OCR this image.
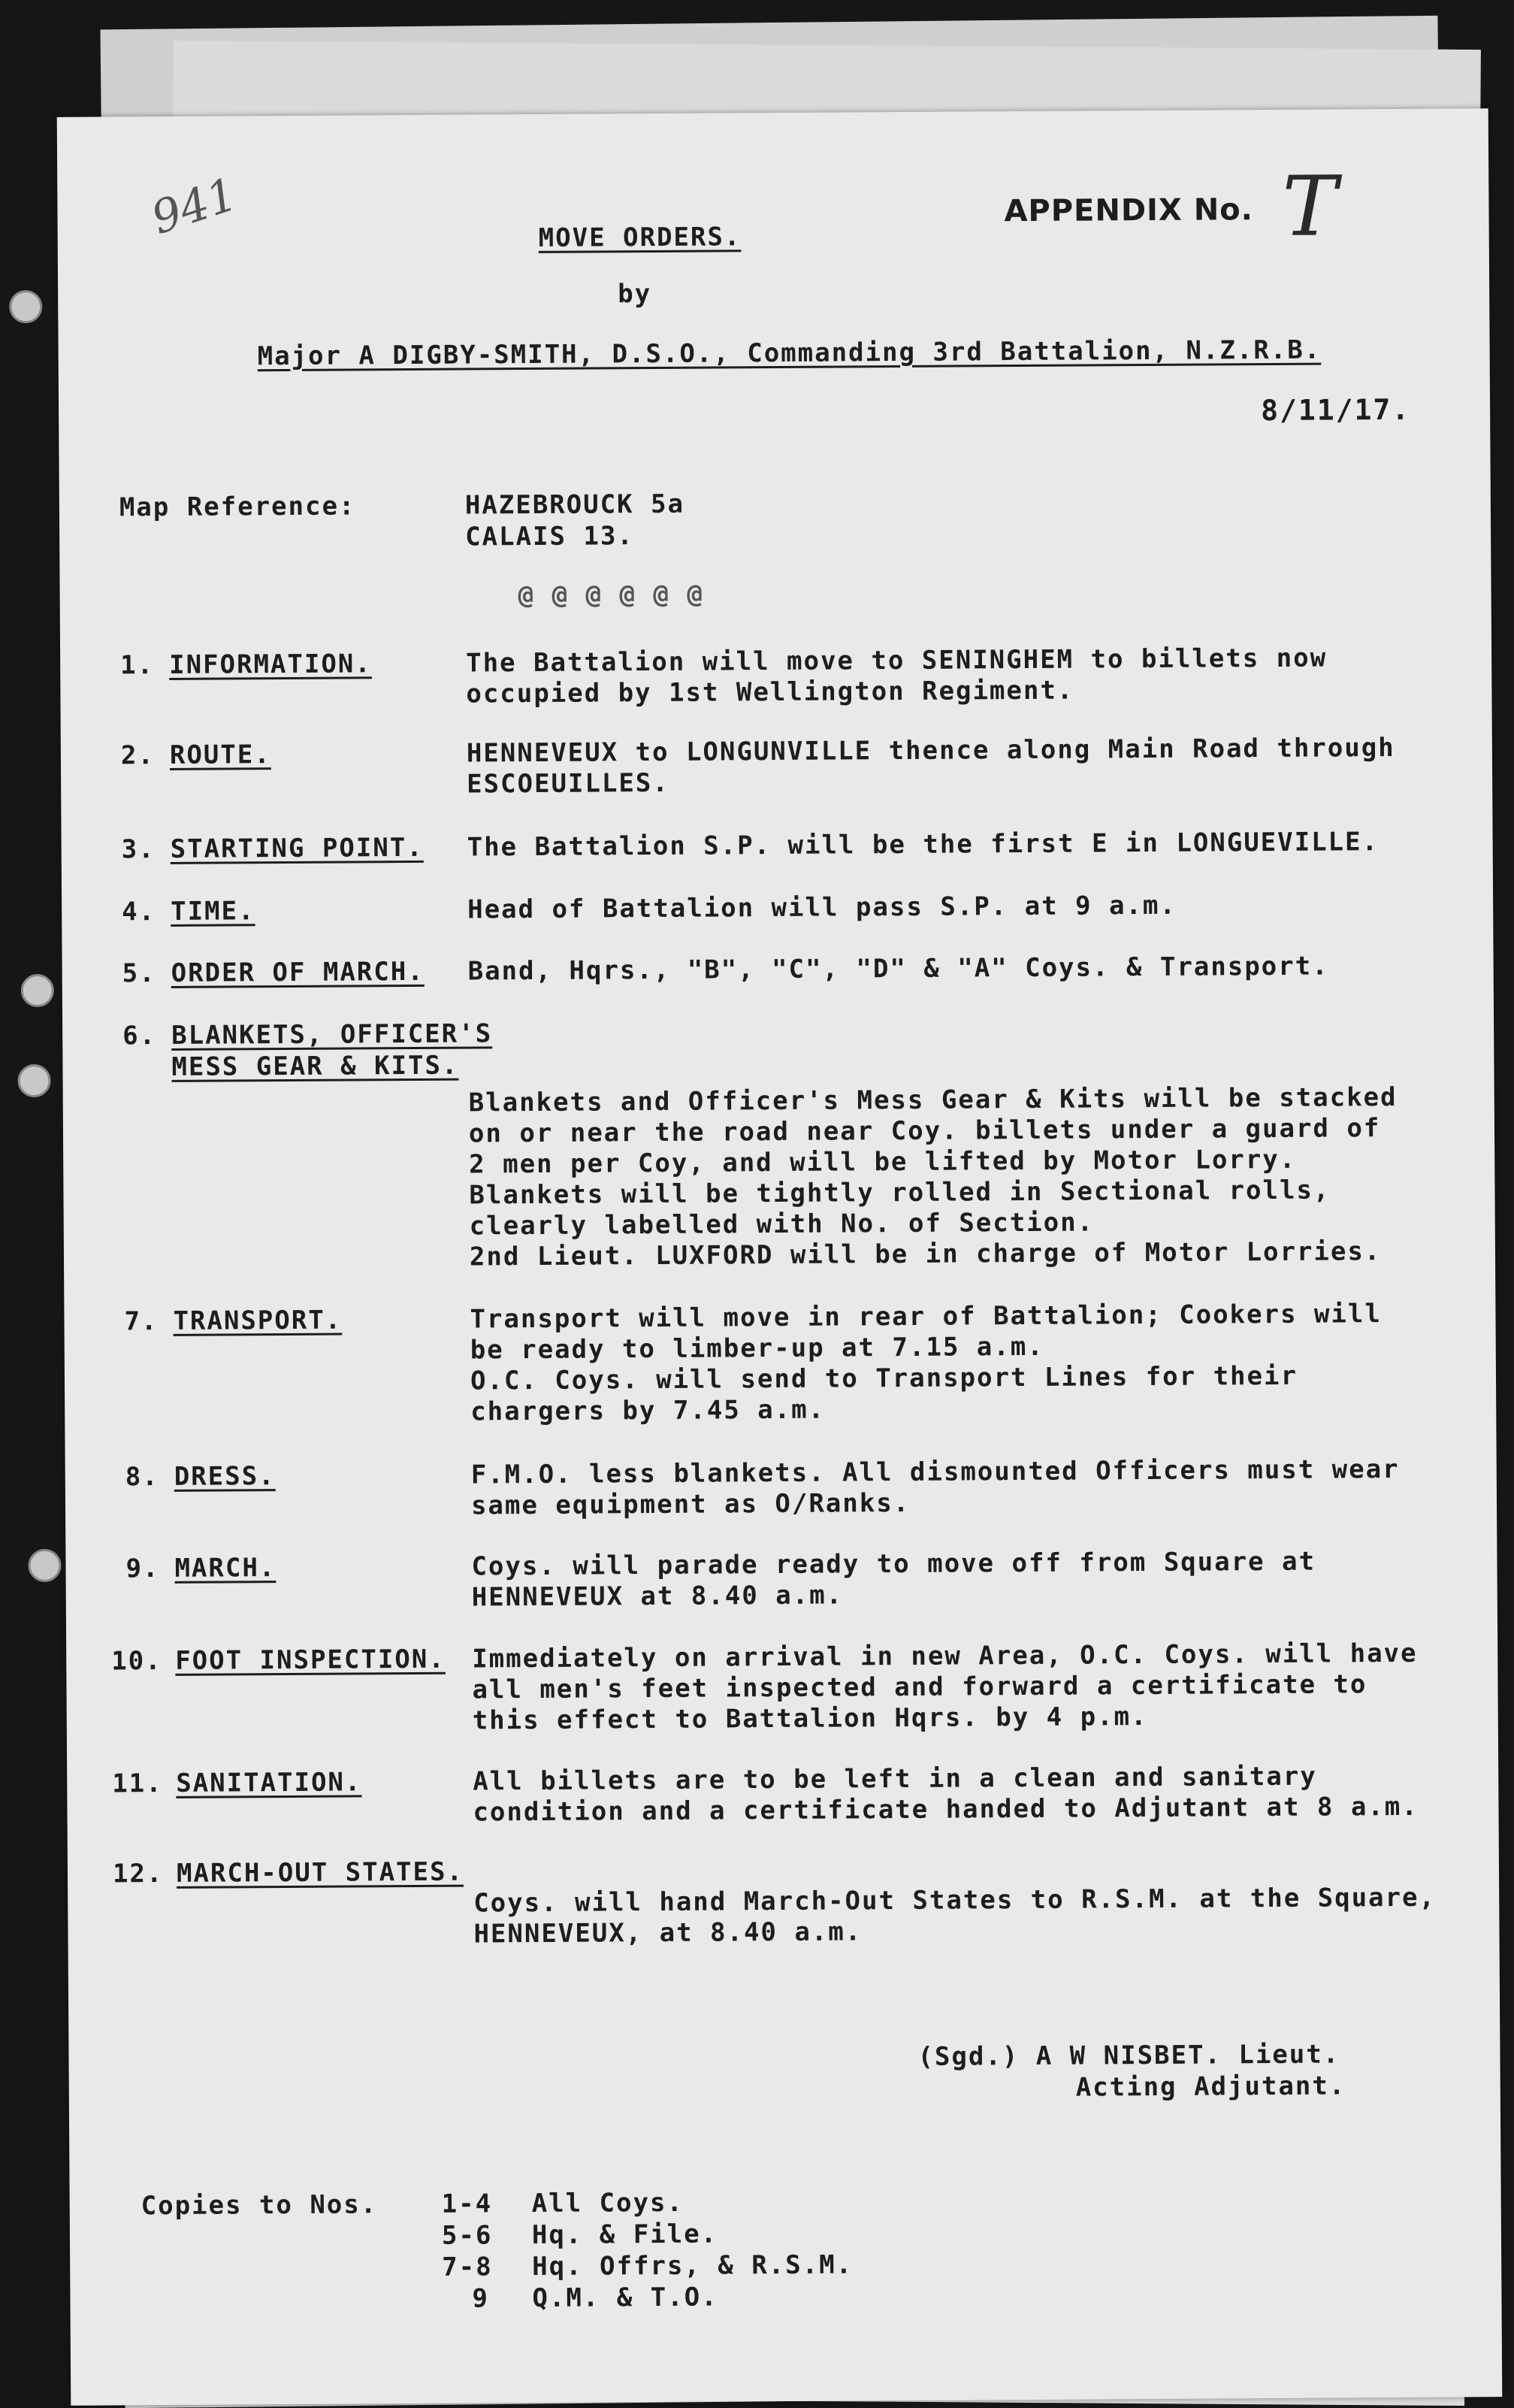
941	APPENDIX No. T
MOVE ORDERS.
by
Major A DIGBY-SMITH, D.S.O., Commanding 3rd Battalion, N.Z.R.B.
8/11/17.
Map Reference:	HAZEBROUCK 5a
CALAIS 13.
@ @ @ @ @ @
1. INFORMATION.	The Battalion will move to SENINGHEM to billets now
occupied by 1st Wellington Regiment.
2. ROUTE.	HENNEVEUX to LONGUNVILLE thence along Main Road through
ESCOEUILLES.
3. STARTING POINT. The Battalion S.P. will be the first E in LONGUEVILLE.
4. TIME.	Head of Battalion will pass S.P. at 9 a.m.
5. ORDER OF MARCH. Band, Hqrs., "B", "C", "D" & "A" Coys. & Transport.
6. BLANKETS, OFFICER'S
MESS GEAR & KITS.
Blankets and Officer's Mess Gear & Kits will be stacked
on or near the road near Coy. billets under a guard of
2 men per Coy, and will be lifted by Motor Lorry.
Blankets will be tightly rolled in Sectional rolls,
clearly labelled with No. of Section.
2nd Lieut. LUXFORD will be in charge of Motor Lorries.
7. TRANSPORT.	Transport will move in rear of Battalion; Cookers will
be ready to limber-up at 7.15 a.m.
O.C. Coys. will send to Transport Lines for their
chargers by 7.45 a.m.
8. DRESS.	F.M.O. less blankets. All dismounted Officers must wear
same equipment as O/Ranks.
9. MARCH.	Coys. will parade ready to move off from Square at
HENNEVEUX at 8.40 a.m.
10. FOOT INSPECTION. Immediately on arrival in new Area, O.C. Coys. will have
all men's feet inspected and forward a certificate to
this effect to Battalion Hqrs. by 4 p.m.
11. SANITATION.	All billets are to be left in a clean and sanitary
condition and a certificate handed to Adjutant at 8 a.m.
12. MARCH-OUT STATES.
Coys. will hand March-Out States to R.S.M. at the Square,
HENNEVEUX, at 8.40 a.m.
(Sgd.) A W NISBET. Lieut.
Acting Adjutant.
Copies to Nos.	1-4 All Coys.
5-6 Hq. & File.
7-8 Hq. Offrs, & R.S.M.
9 Q.M. & T.O.
